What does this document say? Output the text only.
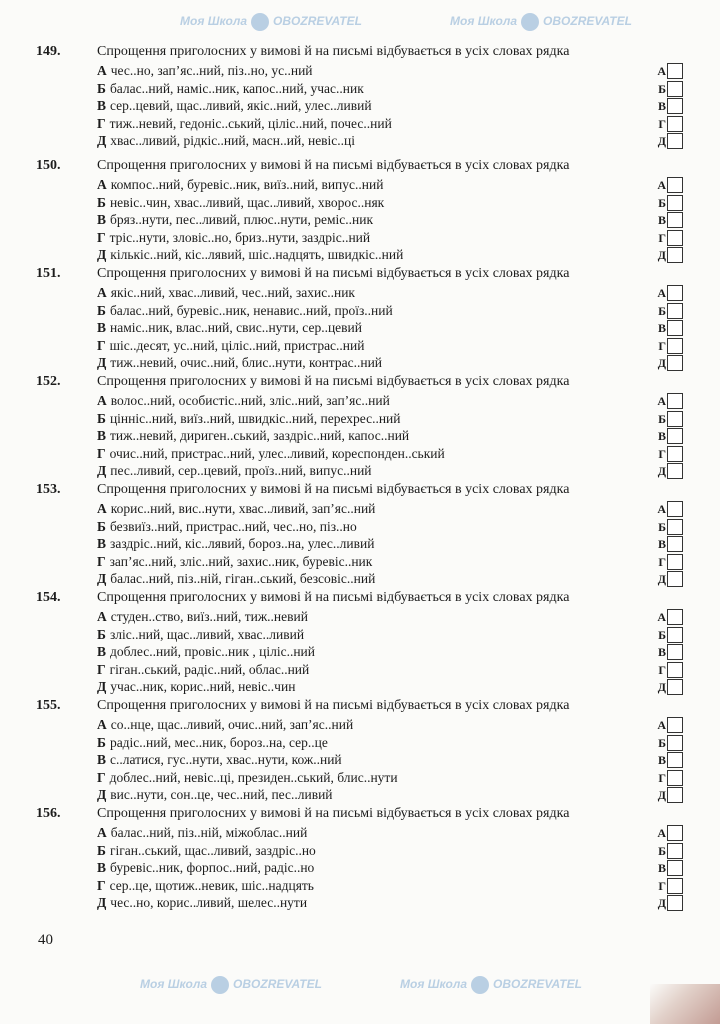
149.	Спрощення приголосних у вимові й на письмі відбувається в усіх словах рядка
А чес..но, зап’яс..ний, піз..но, ус..ний	А
Б балас..ний, наміс..ник, капос..ний, учас..ник	Б
В сер..цевий, щас..ливий, якіс..ний, улес..ливий	В
Г тиж..невий, гедоніс..ський, ціліс..ний, почес..ний	Г
Д хвас..ливий, рідкіс..ний, масн..ий, невіс..ці	Д
150.	Спрощення приголосних у вимові й на письмі відбувається в усіх словах рядка
А компос..ний, буревіс..ник, виїз..ний, випус..ний	А
Б невіс..чин, хвас..ливий, щас..ливий, хворос..няк	Б
В бряз..нути, пес..ливий, плюс..нути, реміс..ник	В
Г тріс..нути, зловіс..но, бриз..нути, заздріс..ний	Г
Д кількіс..ний, кіс..лявий, шіс..надцять, швидкіс..ний	Д
151.	Спрощення приголосних у вимові й на письмі відбувається в усіх словах рядка
А якіс..ний, хвас..ливий, чес..ний, захис..ник	А
Б балас..ний, буревіс..ник, ненавис..ний, проїз..ний	Б
В наміс..ник, влас..ний, свис..нути, сер..цевий	В
Г шіс..десят, ус..ний, ціліс..ний, пристрас..ний	Г
Д тиж..невий, очис..ний, блис..нути, контрас..ний	Д
152.	Спрощення приголосних у вимові й на письмі відбувається в усіх словах рядка
А волос..ний, особистіс..ний, зліс..ний, зап’яс..ний	А
Б цінніс..ний, виїз..ний, швидкіс..ний, перехрес..ний	Б
В тиж..невий, дириген..ський, заздріс..ний, капос..ний	В
Г очис..ний, пристрас..ний, улес..ливий, кореспонден..ський	Г
Д пес..ливий, сер..цевий, проїз..ний, випус..ний	Д
153.	Спрощення приголосних у вимові й на письмі відбувається в усіх словах рядка
А корис..ний, вис..нути, хвас..ливий, зап’яс..ний	А
Б безвиїз..ний, пристрас..ний, чес..но, піз..но	Б
В заздріс..ний, кіс..лявий, бороз..на, улес..ливий	В
Г зап’яс..ний, зліс..ний, захис..ник, буревіс..ник	Г
Д балас..ний, піз..ній, гіган..ський, безсовіс..ний	Д
154.	Спрощення приголосних у вимові й на письмі відбувається в усіх словах рядка
А студен..ство, виїз..ний, тиж..невий	А
Б зліс..ний, щас..ливий, хвас..ливий	Б
В доблес..ний, провіс..ник , ціліс..ний	В
Г гіган..ський, радіс..ний, облас..ний	Г
Д учас..ник, корис..ний, невіс..чин	Д
155.	Спрощення приголосних у вимові й на письмі відбувається в усіх словах рядка
А со..нце, щас..ливий, очис..ний, зап’яс..ний	А
Б радіс..ний, мес..ник, бороз..на, сер..це	Б
В с..латися, гус..нути, хвас..нути, кож..ний	В
Г доблес..ний, невіс..ці, президен..ський, блис..нути	Г
Д вис..нути, сон..це, чес..ний, пес..ливий	Д
156.	Спрощення приголосних у вимові й на письмі відбувається в усіх словах рядка
А балас..ний, піз..ній, міжоблас..ний	А
Б гіган..ський, щас..ливий, заздріс..но	Б
В буревіс..ник, форпос..ний, радіс..но	В
Г сер..це, щотиж..невик, шіс..надцять	Г
Д чес..но, корис..ливий, шелес..нути	Д
40
Моя Школа OBOZREVATEL	Моя Школа OBOZREVATEL
Моя Школа OBOZREVATEL	Моя Школа OBOZREVATEL
